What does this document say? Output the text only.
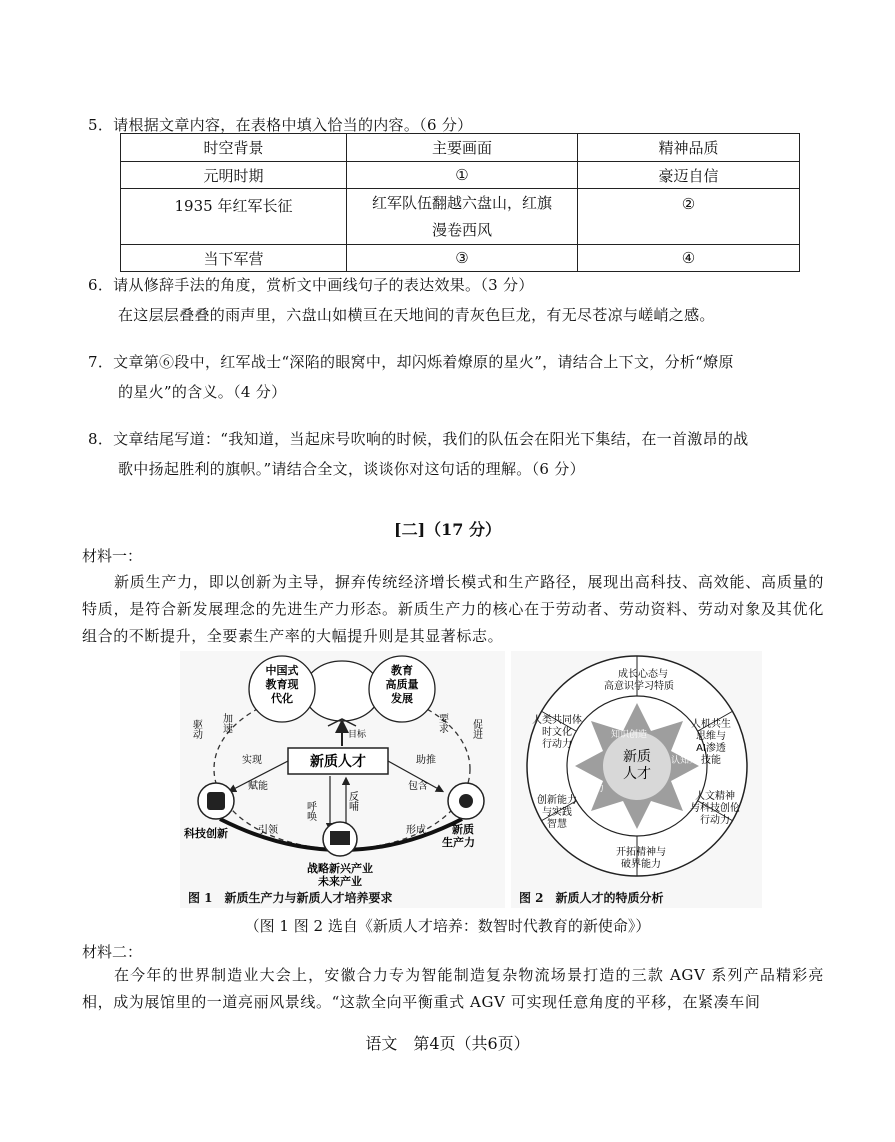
5．请根据文章内容，在表格中填入恰当的内容。（6 分）
时空背景	主要画面	精神品质
元明时期	①	豪迈自信
1935 年红军长征	红军队伍翻越六盘山，红旗
漫卷西风	②
当下军营	③	④
6．请从修辞手法的角度，赏析文中画线句子的表达效果。（3 分）
在这层层叠叠的雨声里，六盘山如横亘在天地间的青灰色巨龙，有无尽苍凉与嵯峭之感。
7．文章第⑥段中，红军战士“深陷的眼窝中，却闪烁着燎原的星火”，请结合上下文，分析“燎原
的星火”的含义。（4 分）
8．文章结尾写道：“我知道，当起床号吹响的时候，我们的队伍会在阳光下集结，在一首激昂的战
歌中扬起胜利的旗帜。”请结合全文，谈谈你对这句话的理解。（6 分）
[二]（17 分）
材料一：
新质生产力，即以创新为主导，摒弃传统经济增长模式和生产路径，展现出高科技、高效能、高质量的特质，是符合新发展理念的先进生产力形态。新质生产力的核心在于劳动者、劳动资料、劳动对象及其优化组合的不断提升，全要素生产率的大幅提升则是其显著标志。
中国式教育现代化
教育高质量发展
目标
新质人才
驱动 加速	要求 促进
实现
赋能
助推
包含
呼唤	反哺
引领	形成
科技创新
战略新兴产业未来产业
新质生产力
图 1　新质生产力与新质人才培养要求
新质人才
知识创造
认知力
创造力
成长心态与高意识学习特质
人机共生思维与 AI渗透技能
人文精神与科技创伦行动力
开拓精神与破界能力
创新能力与实践智慧
人类共同体时文化行动力
图 2　新质人才的特质分析
（图 1 图 2 选自《新质人才培养：数智时代教育的新使命》）
材料二：
在今年的世界制造业大会上，安徽合力专为智能制造复杂物流场景打造的三款 AGV 系列产品精彩亮相，成为展馆里的一道亮丽风景线。“这款全向平衡重式 AGV 可实现任意角度的平移，在紧凑车间
语文　第4页（共6页）
